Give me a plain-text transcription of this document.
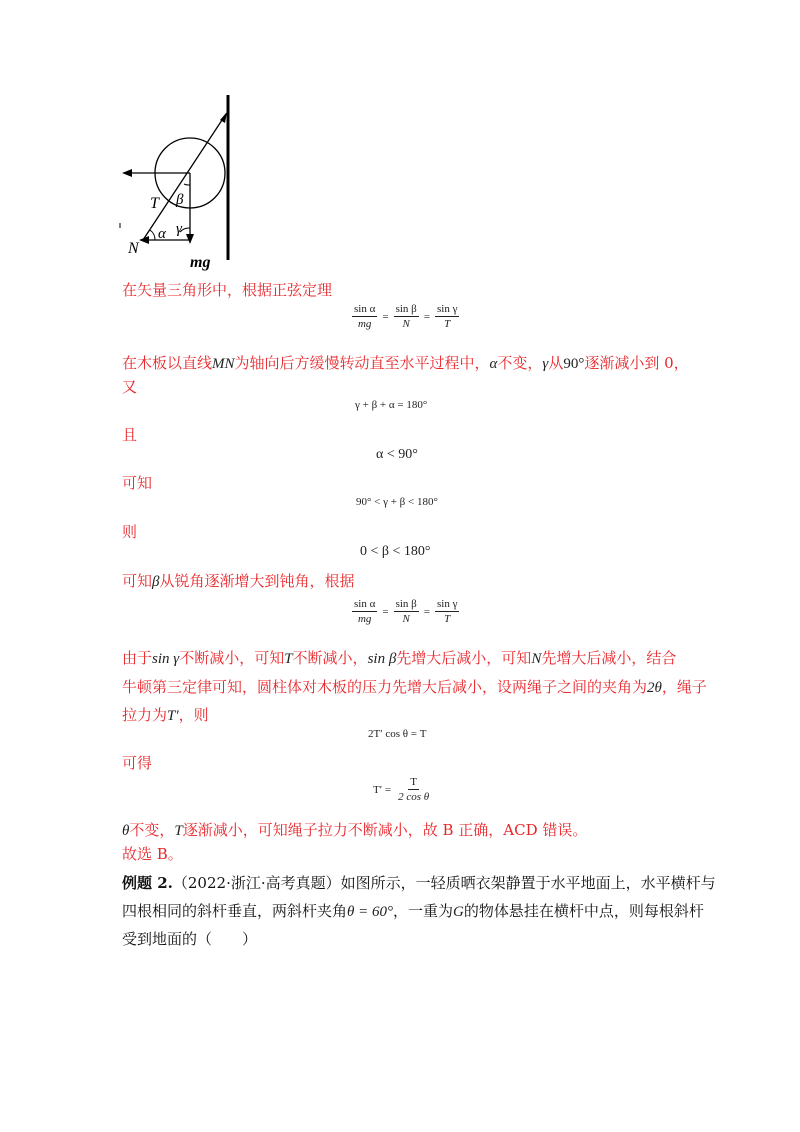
T β
N
α γ
mg
在矢量三角形中，根据正弦定理
$\frac{\text{sin α}}{mg} = \frac{\text{sin β}}{N} = \frac{\text{sin γ}}{T}$
在木板以直线MN为轴向后方缓慢转动直至水平过程中，α不变，γ从90°逐渐减小到 0，
又
γ + β + α = 180°
且
α < 90°
可知
90° < γ + β < 180°
则
0 < β < 180°
可知β从锐角逐渐增大到钝角，根据
$\frac{\text{sin α}}{mg} = \frac{\text{sin β}}{N} = \frac{\text{sin γ}}{T}$
由于sin γ不断减小，可知T不断减小，sin β先增大后减小，可知N先增大后减小，结合
牛顿第三定律可知，圆柱体对木板的压力先增大后减小，设两绳子之间的夹角为2θ，绳子
拉力为T′，则
2T′ cos θ = T
可得
$T' = \frac{T}{\text{2 cos θ}}$
θ不变，T逐渐减小，可知绳子拉力不断减小，故 B 正确，ACD 错误。
故选 B。
例题 2.（2022·浙江·高考真题）如图所示，一轻质晒衣架静置于水平地面上，水平横杆与
四根相同的斜杆垂直，两斜杆夹角θ = 60°，一重为G的物体悬挂在横杆中点，则每根斜杆
受到地面的（　　）
